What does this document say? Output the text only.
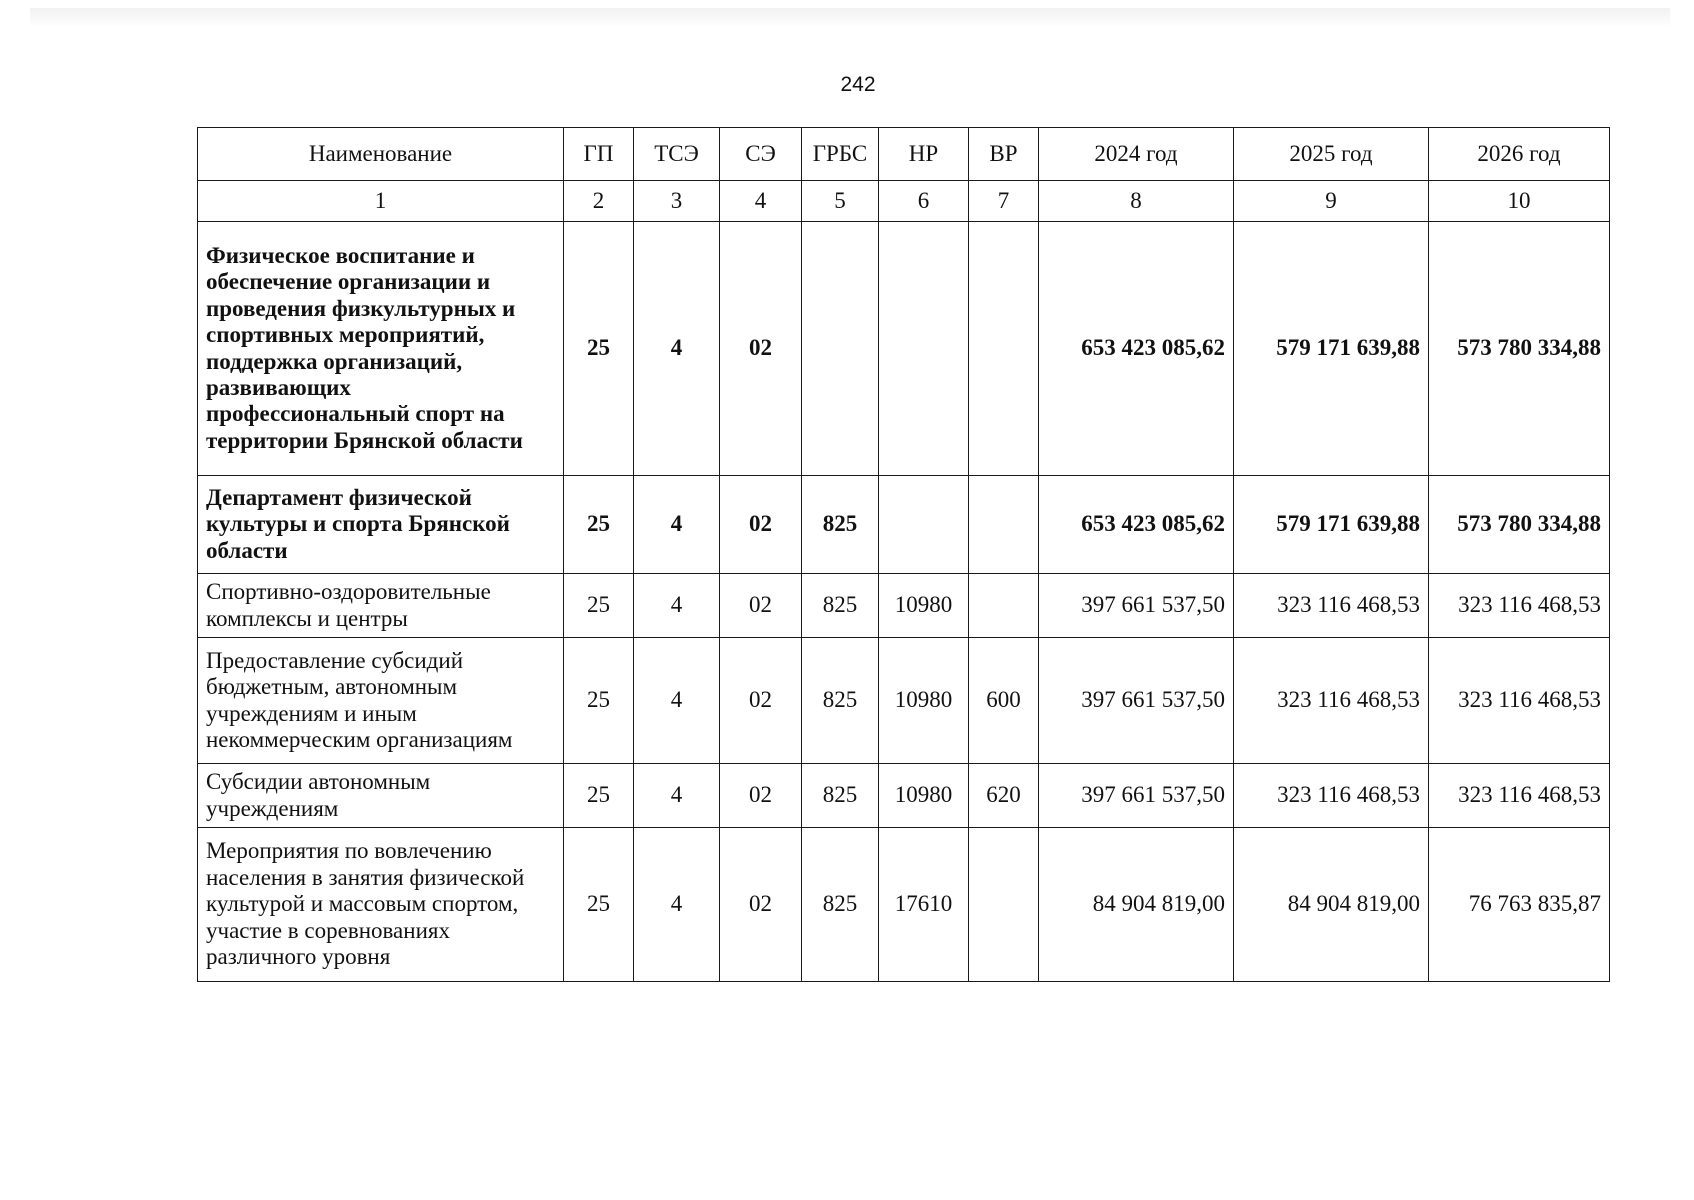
242
Наименование	ГП	ТСЭ	СЭ	ГРБС	НР	ВР	2024 год	2025 год	2026 год
1	2	3	4	5	6	7	8	9	10
Физическое воспитание и обеспечение организации и проведения физкультурных и спортивных мероприятий, поддержка организаций, развивающих профессиональный спорт на территории Брянской области	25	4	02				653 423 085,62	579 171 639,88	573 780 334,88
Департамент физической культуры и спорта Брянской области	25	4	02	825			653 423 085,62	579 171 639,88	573 780 334,88
Спортивно-оздоровительные комплексы и центры	25	4	02	825	10980		397 661 537,50	323 116 468,53	323 116 468,53
Предоставление субсидий бюджетным, автономным учреждениям и иным некоммерческим организациям	25	4	02	825	10980	600	397 661 537,50	323 116 468,53	323 116 468,53
Субсидии автономным учреждениям	25	4	02	825	10980	620	397 661 537,50	323 116 468,53	323 116 468,53
Мероприятия по вовлечению населения в занятия физической культурой и массовым спортом, участие в соревнованиях различного уровня	25	4	02	825	17610		84 904 819,00	84 904 819,00	76 763 835,87
